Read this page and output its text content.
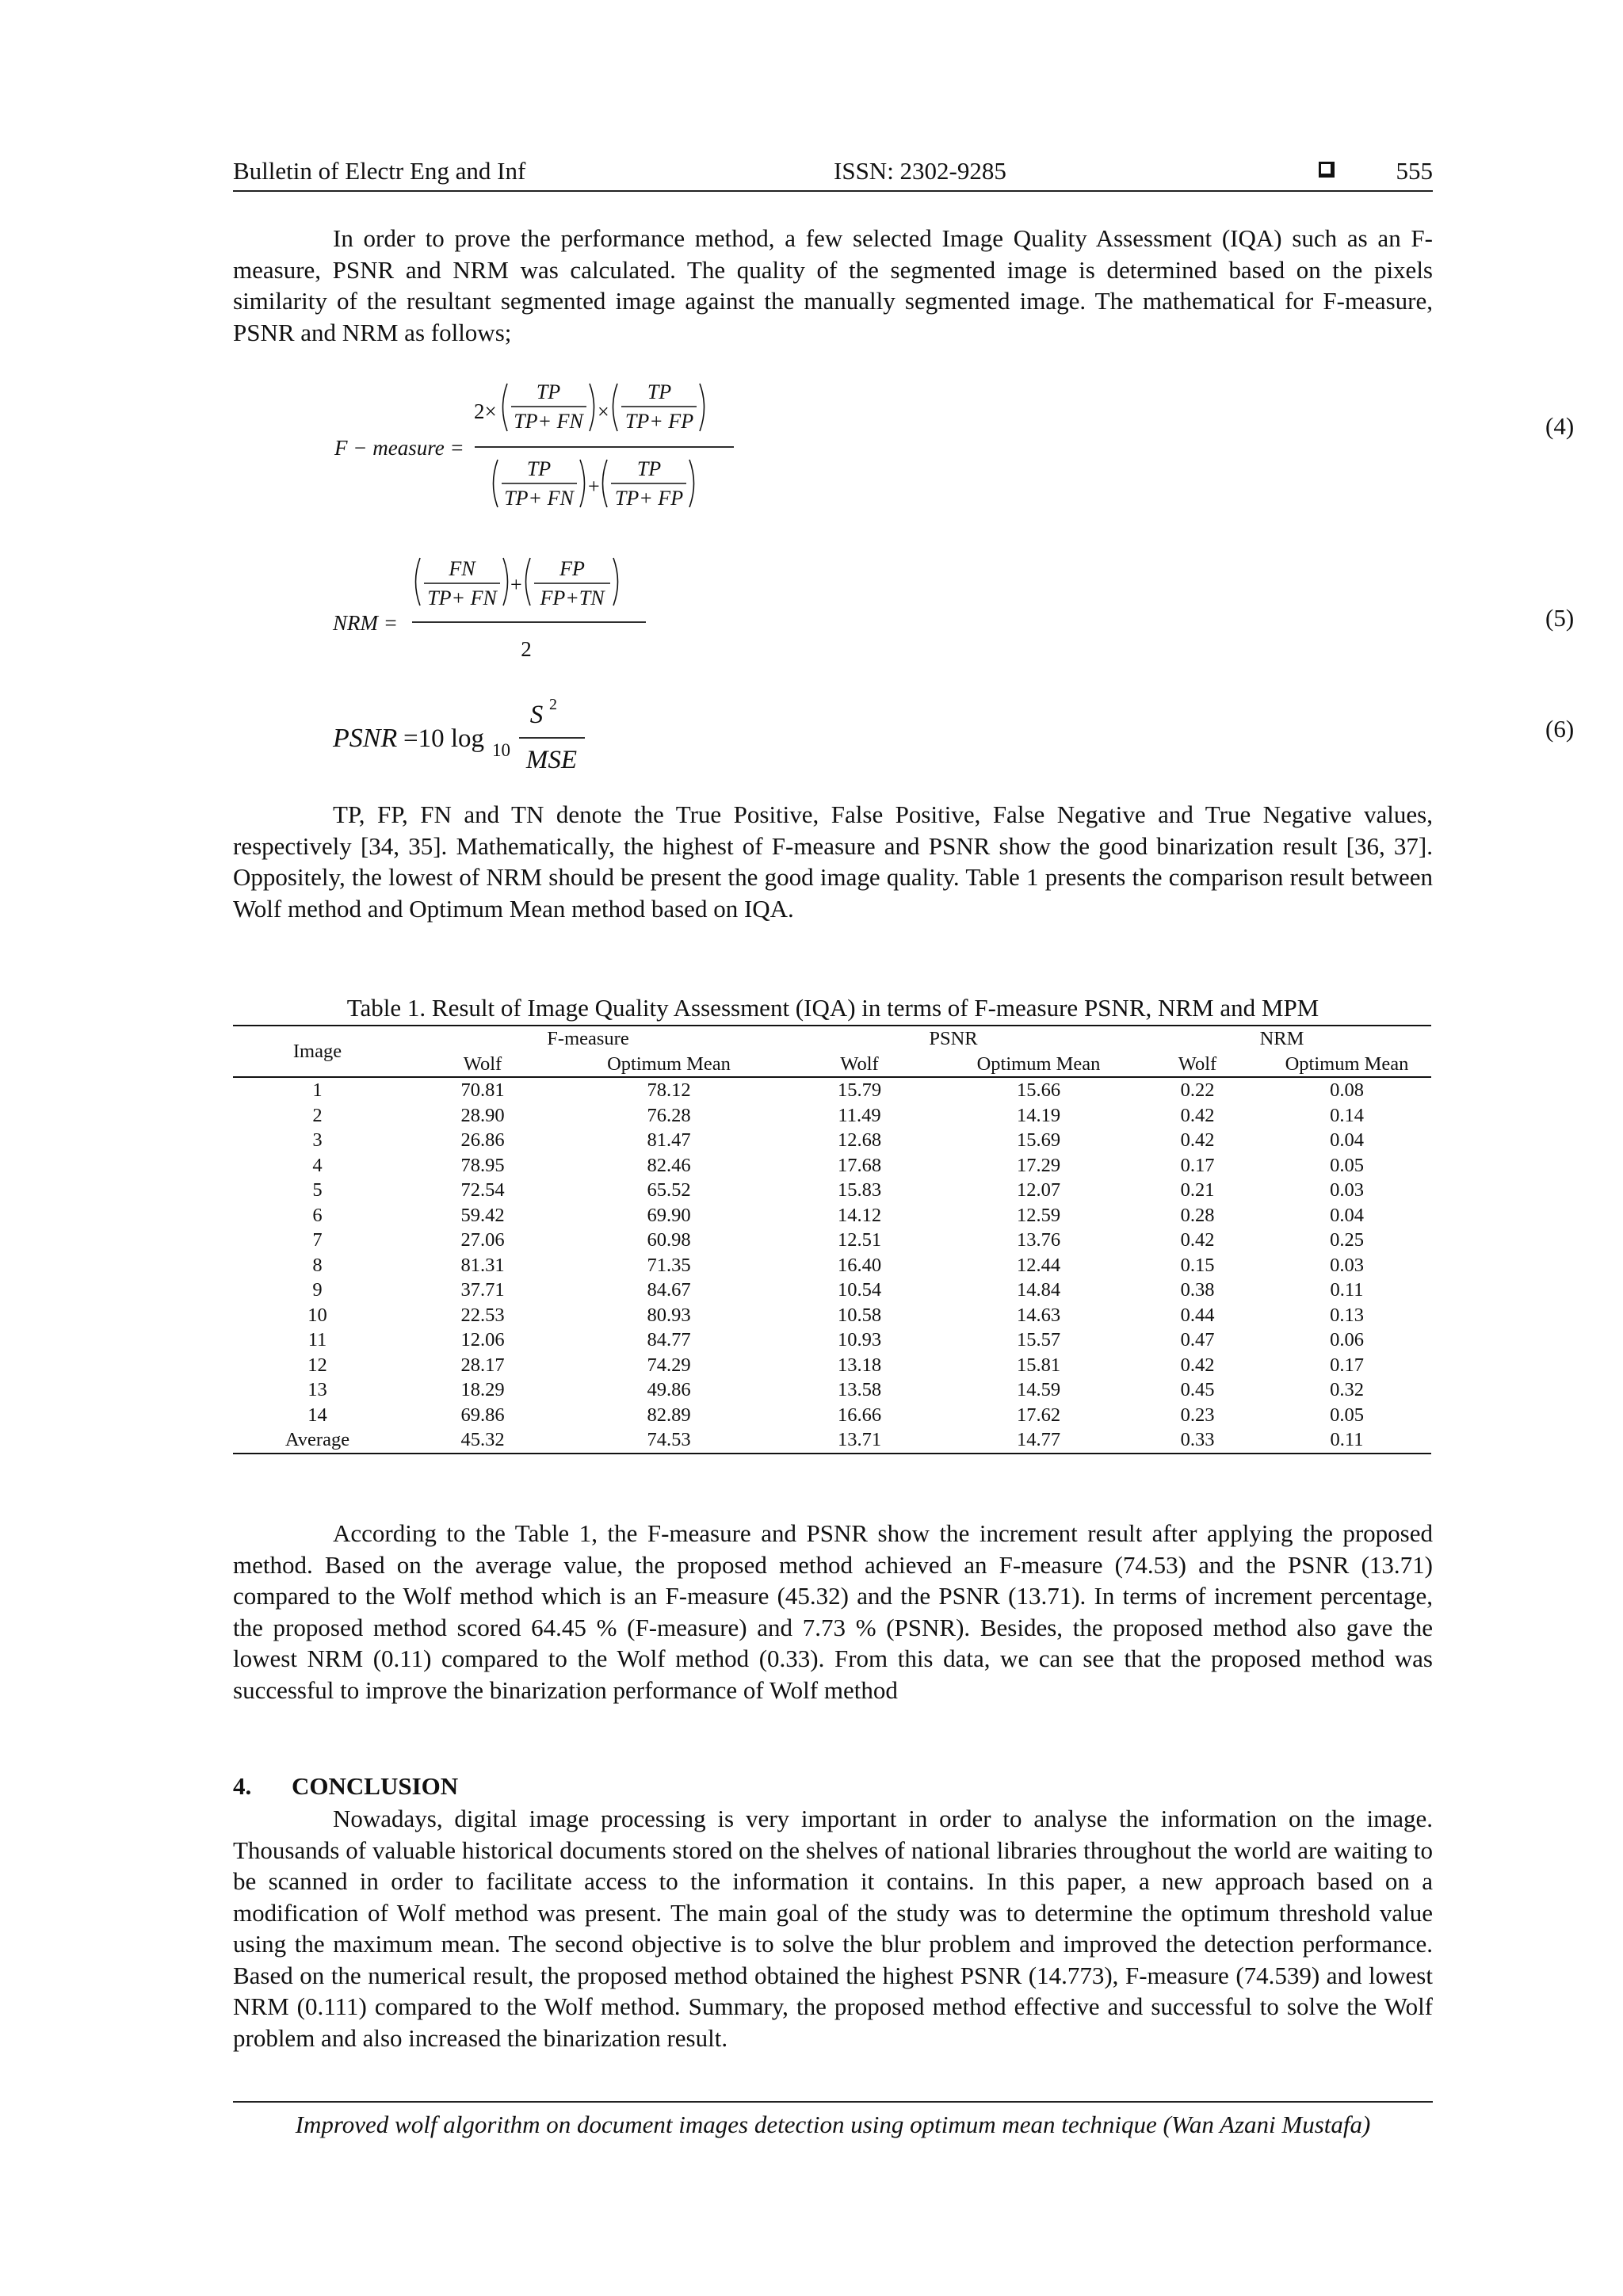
Bulletin of Electr Eng and Inf	ISSN: 2302-9285	555

In order to prove the performance method, a few selected Image Quality Assessment (IQA) such as an F-measure, PSNR and NRM was calculated. The quality of the segmented image is determined based on the pixels similarity of the resultant segmented image against the manually segmented image. The mathematical for F-measure, PSNR and NRM as follows;

F − measure =
2×
TP
TP+ FN ×
TP
TP+ FP
TP
TP+ FN
+
TP
TP+ FP
(4)
FN
TP+ FN
+
FP
FP+TN
NRM =
2
(5)
PSNR =10 log 10
S 2
MSE
(6)

TP, FP, FN and TN denote the True Positive, False Positive, False Negative and True Negative values, respectively [34, 35]. Mathematically, the highest of F-measure and PSNR show the good binarization result [36, 37]. Oppositely, the lowest of NRM should be present the good image quality. Table 1 presents the comparison result between Wolf method and Optimum Mean method based on IQA.

Table 1. Result of Image Quality Assessment (IQA) in terms of F-measure PSNR, NRM and MPM
Image	F-measure		PSNR		NRM	
	Wolf	Optimum Mean	Wolf	Optimum Mean	Wolf	Optimum Mean
1	70.81	78.12	15.79	15.66	0.22	0.08
2	28.90	76.28	11.49	14.19	0.42	0.14
3	26.86	81.47	12.68	15.69	0.42	0.04
4	78.95	82.46	17.68	17.29	0.17	0.05
5	72.54	65.52	15.83	12.07	0.21	0.03
6	59.42	69.90	14.12	12.59	0.28	0.04
7	27.06	60.98	12.51	13.76	0.42	0.25
8	81.31	71.35	16.40	12.44	0.15	0.03
9	37.71	84.67	10.54	14.84	0.38	0.11
10	22.53	80.93	10.58	14.63	0.44	0.13
11	12.06	84.77	10.93	15.57	0.47	0.06
12	28.17	74.29	13.18	15.81	0.42	0.17
13	18.29	49.86	13.58	14.59	0.45	0.32
14	69.86	82.89	16.66	17.62	0.23	0.05
Average	45.32	74.53	13.71	14.77	0.33	0.11

According to the Table 1, the F-measure and PSNR show the increment result after applying the proposed method. Based on the average value, the proposed method achieved an F-measure (74.53) and the PSNR (13.71) compared to the Wolf method which is an F-measure (45.32) and the PSNR (13.71). In terms of increment percentage, the proposed method scored 64.45 % (F-measure) and 7.73 % (PSNR). Besides, the proposed method also gave the lowest NRM (0.11) compared to the Wolf method (0.33). From this data, we can see that the proposed method was successful to improve the binarization performance of Wolf method

4. CONCLUSION

Nowadays, digital image processing is very important in order to analyse the information on the image. Thousands of valuable historical documents stored on the shelves of national libraries throughout the world are waiting to be scanned in order to facilitate access to the information it contains. In this paper, a new approach based on a modification of Wolf method was present. The main goal of the study was to determine the optimum threshold value using the maximum mean. The second objective is to solve the blur problem and improved the detection performance. Based on the numerical result, the proposed method obtained the highest PSNR (14.773), F-measure (74.539) and lowest NRM (0.111) compared to the Wolf method. Summary, the proposed method effective and successful to solve the Wolf problem and also increased the binarization result.

Improved wolf algorithm on document images detection using optimum mean technique (Wan Azani Mustafa)
